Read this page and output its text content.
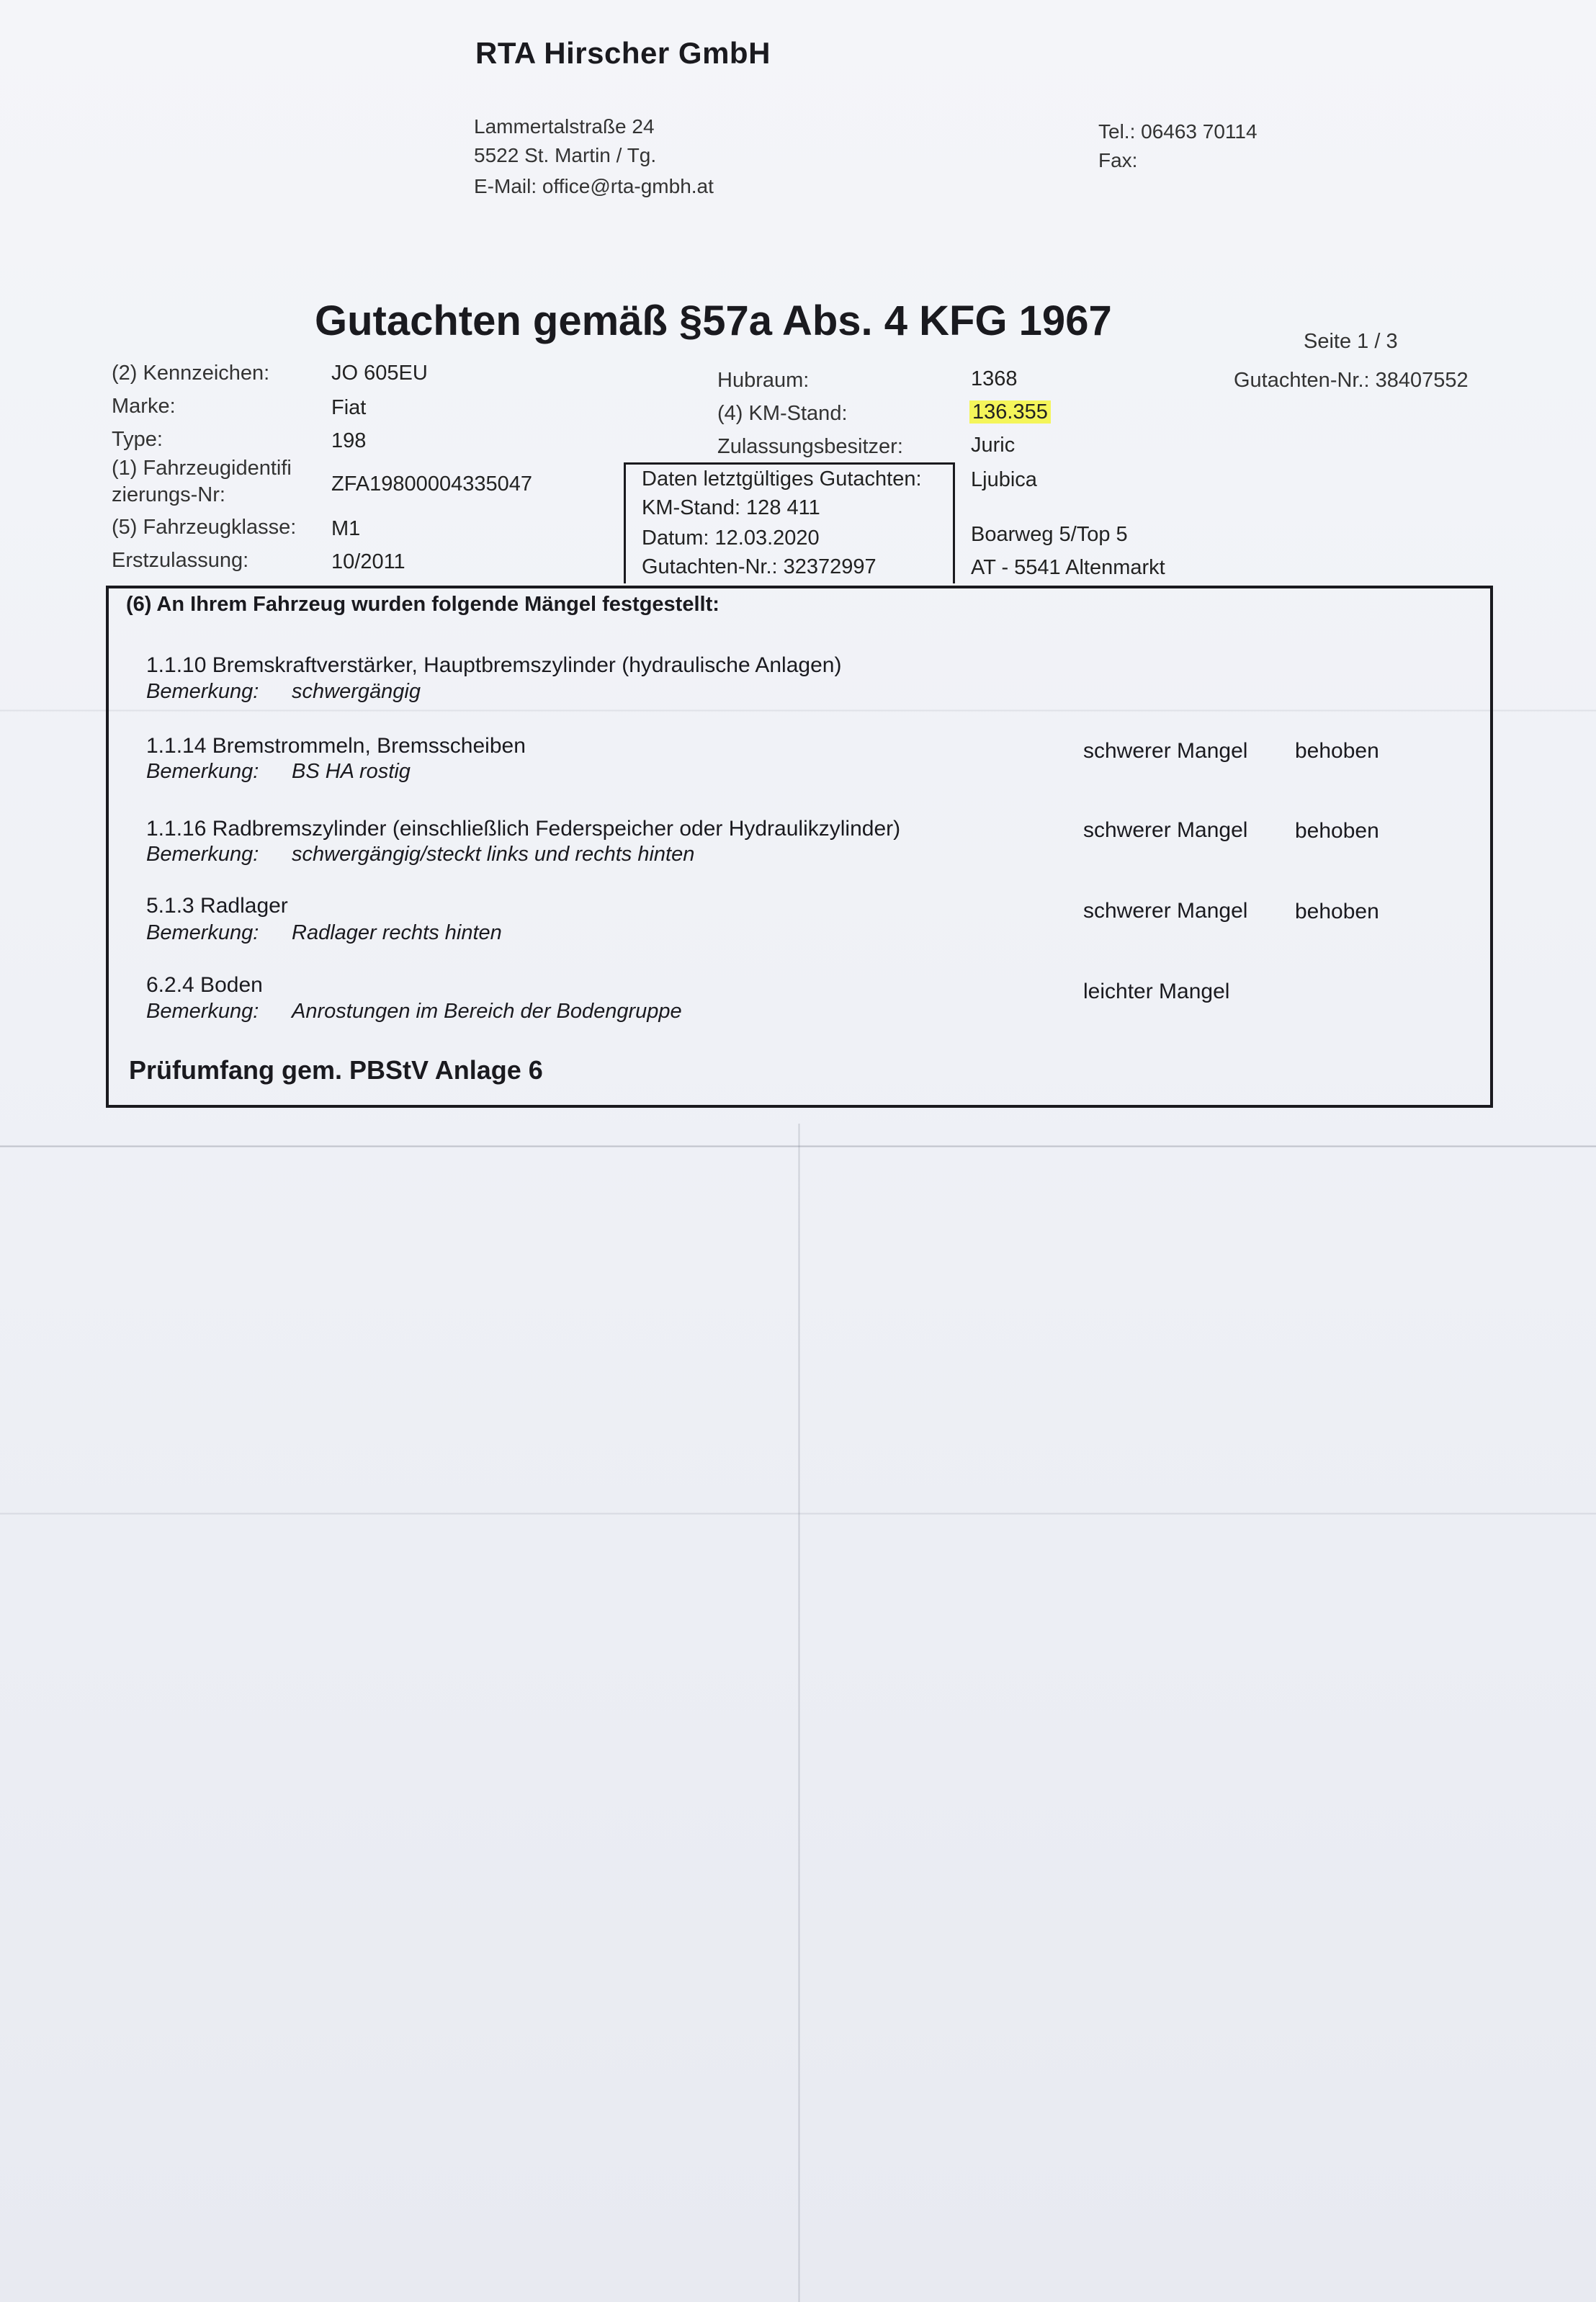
RTA Hirscher GmbH
Lammertalstraße 24
5522 St. Martin / Tg.
E-Mail: office@rta-gmbh.at
Tel.: 06463 70114
Fax:
Gutachten gemäß §57a Abs. 4 KFG 1967	Seite 1 / 3
Gutachten-Nr.: 38407552
(2) Kennzeichen:	JO 605EU
Marke:	Fiat
Type:	198
(1) Fahrzeugidentifi
zierungs-Nr:	ZFA19800004335047
(5) Fahrzeugklasse: M1
Erstzulassung:	10/2011
Hubraum:	1368
(4) KM-Stand:	136.355
Zulassungsbesitzer:	Juric
Ljubica
Boarweg 5/Top 5
AT - 5541 Altenmarkt
Daten letztgültiges Gutachten:
KM-Stand: 128 411
Datum: 12.03.2020
Gutachten-Nr.: 32372997
(6) An Ihrem Fahrzeug wurden folgende Mängel festgestellt:
1.1.10 Bremskraftverstärker, Hauptbremszylinder (hydraulische Anlagen)
Bemerkung: schwergängig
1.1.14 Bremstrommeln, Bremsscheiben
Bemerkung: BS HA rostig
schwerer Mangel behoben
1.1.16 Radbremszylinder (einschließlich Federspeicher oder Hydraulikzylinder)
Bemerkung: schwergängig/steckt links und rechts hinten
schwerer Mangel behoben
5.1.3 Radlager
Bemerkung: Radlager rechts hinten
schwerer Mangel behoben
6.2.4 Boden
Bemerkung: Anrostungen im Bereich der Bodengruppe
leichter Mangel
Prüfumfang gem. PBStV Anlage 6
